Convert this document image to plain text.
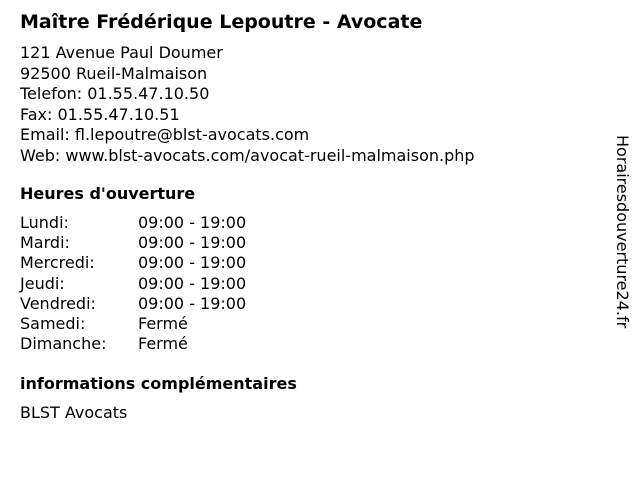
Maître Frédérique Lepoutre - Avocate
121 Avenue Paul Doumer
92500 Rueil-Malmaison
Telefon: 01.55.47.10.50
Fax: 01.55.47.10.51
Email: fl.lepoutre@blst-avocats.com
Web: www.blst-avocats.com/avocat-rueil-malmaison.php
Heures d'ouverture
Lundi:	09:00 - 19:00
Mardi:	09:00 - 19:00
Mercredi:	09:00 - 19:00
Jeudi:	09:00 - 19:00
Vendredi:	09:00 - 19:00
Samedi:	Fermé
Dimanche:	Fermé
informations complémentaires
BLST Avocats
Horairesdouverture24.fr
